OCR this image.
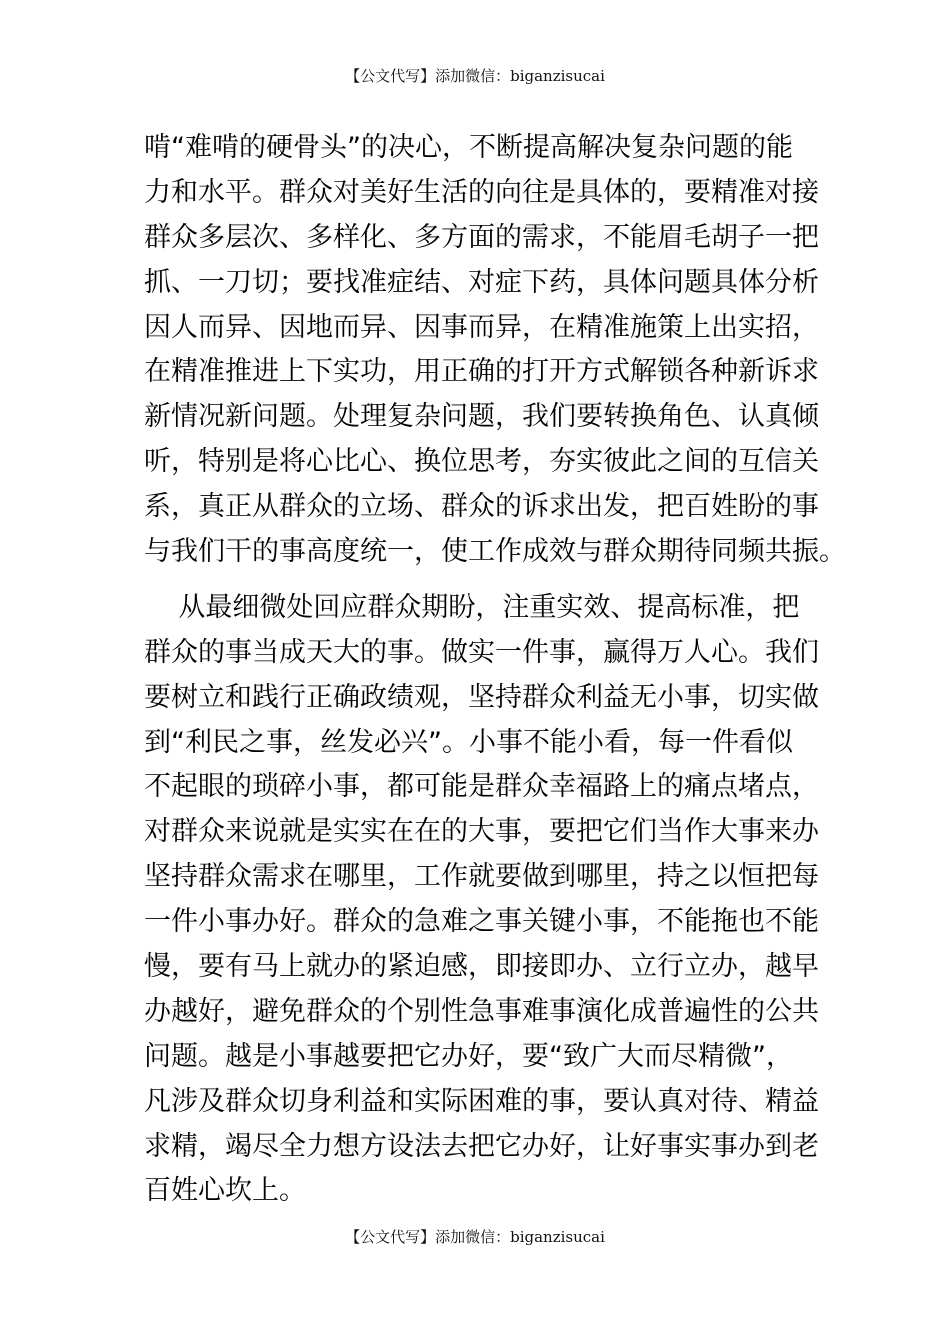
【公文代写】添加微信：biganzisucai
啃“难啃的硬骨头”的决心，不断提高解决复杂问题的能
力和水平。群众对美好生活的向往是具体的，要精准对接
群众多层次、多样化、多方面的需求，不能眉毛胡子一把
抓、一刀切；要找准症结、对症下药，具体问题具体分析
因人而异、因地而异、因事而异，在精准施策上出实招，
在精准推进上下实功，用正确的打开方式解锁各种新诉求
新情况新问题。处理复杂问题，我们要转换角色、认真倾
听，特别是将心比心、换位思考，夯实彼此之间的互信关
系，真正从群众的立场、群众的诉求出发，把百姓盼的事
与我们干的事高度统一，使工作成效与群众期待同频共振。
从最细微处回应群众期盼，注重实效、提高标准，把
群众的事当成天大的事。做实一件事，赢得万人心。我们
要树立和践行正确政绩观，坚持群众利益无小事，切实做
到“利民之事，丝发必兴”。小事不能小看，每一件看似
不起眼的琐碎小事，都可能是群众幸福路上的痛点堵点，
对群众来说就是实实在在的大事，要把它们当作大事来办
坚持群众需求在哪里，工作就要做到哪里，持之以恒把每
一件小事办好。群众的急难之事关键小事，不能拖也不能
慢，要有马上就办的紧迫感，即接即办、立行立办，越早
办越好，避免群众的个别性急事难事演化成普遍性的公共
问题。越是小事越要把它办好，要“致广大而尽精微”，
凡涉及群众切身利益和实际困难的事，要认真对待、精益
求精，竭尽全力想方设法去把它办好，让好事实事办到老
百姓心坎上。
【公文代写】添加微信：biganzisucai
